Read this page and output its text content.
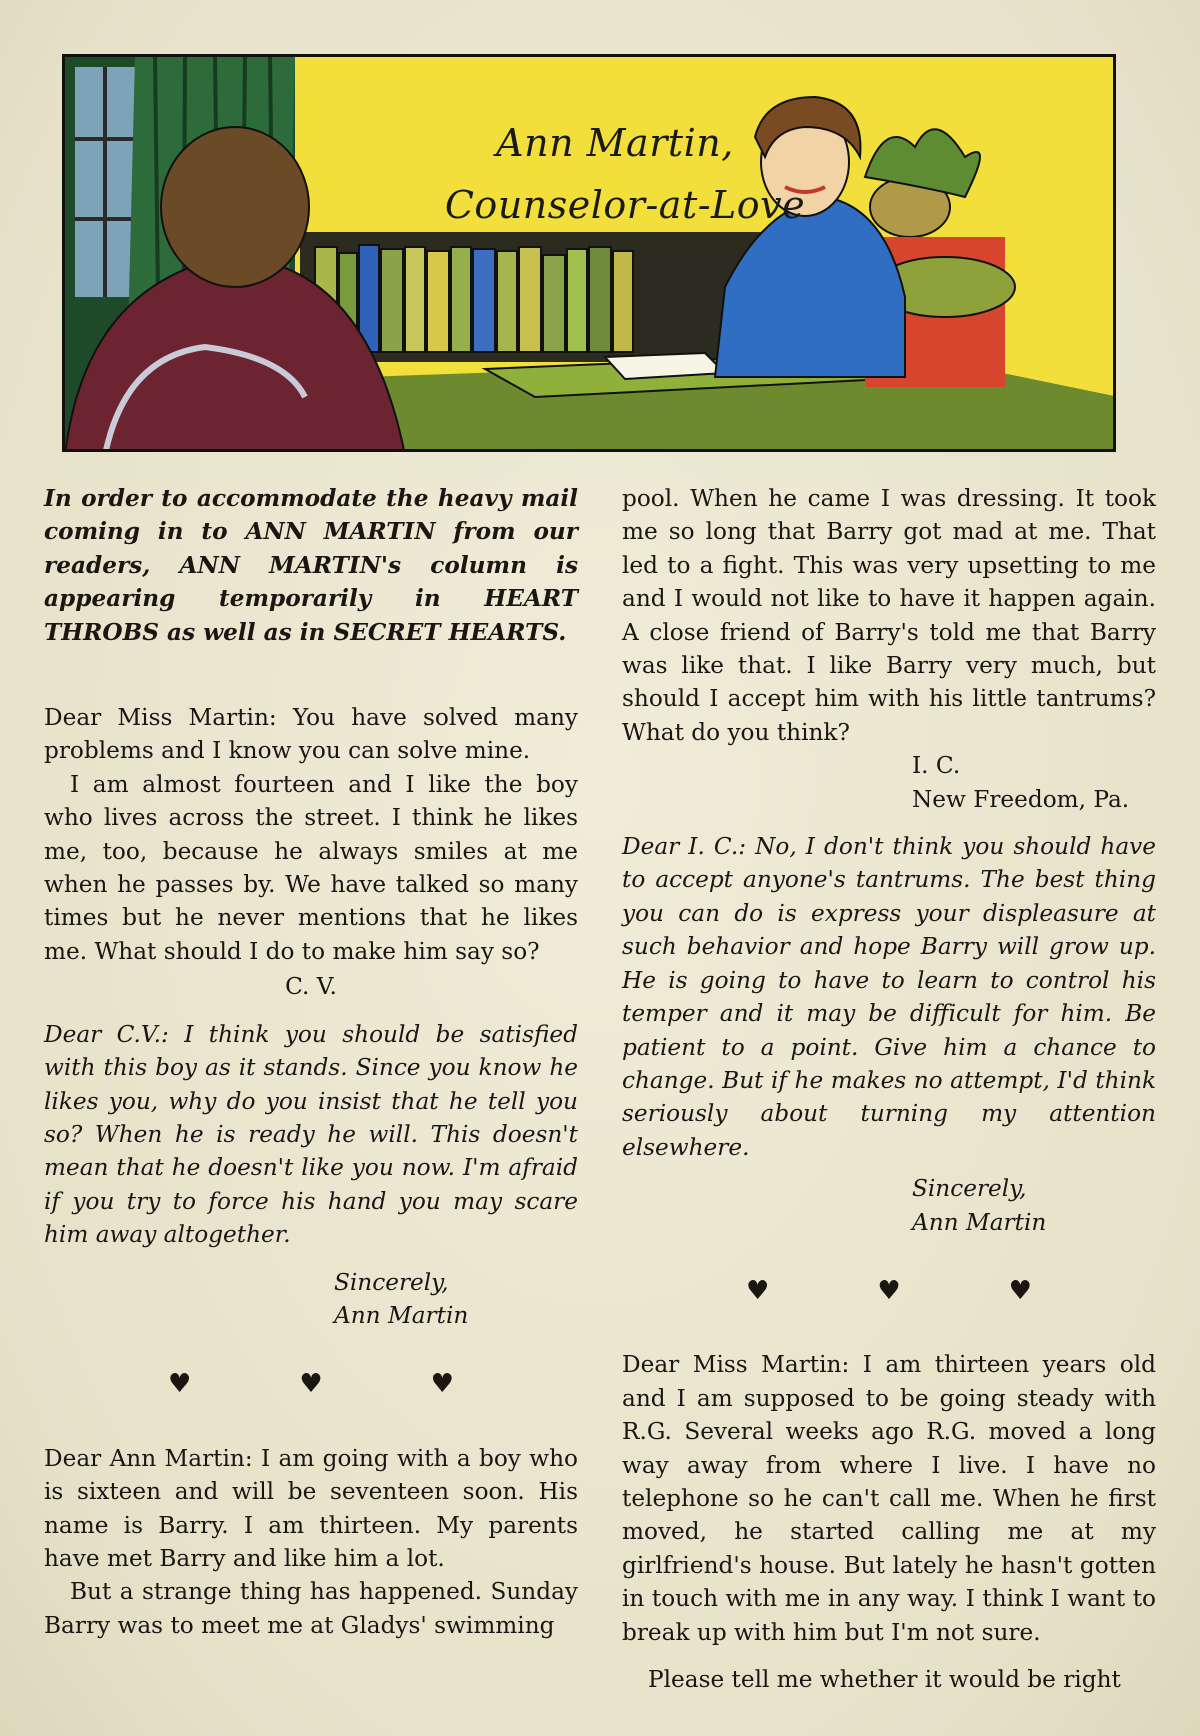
Ann Martin,
Counselor-at-Love

In order to accommodate the heavy mail coming in to ANN MARTIN from our readers, ANN MARTIN's column is appearing temporarily in HEART THROBS as well as in SECRET HEARTS.

Dear Miss Martin: You have solved many problems and I know you can solve mine.

I am almost fourteen and I like the boy who lives across the street. I think he likes me, too, because he always smiles at me when he passes by. We have talked so many times but he never mentions that he likes me. What should I do to make him say so?

C. V.

Dear C.V.: I think you should be satisfied with this boy as it stands. Since you know he likes you, why do you insist that he tell you so? When he is ready he will. This doesn't mean that he doesn't like you now. I'm afraid if you try to force his hand you may scare him away altogether.

Sincerely,

Ann Martin

♥	♥	♥

Dear Ann Martin: I am going with a boy who is sixteen and will be seventeen soon. His name is Barry. I am thirteen. My parents have met Barry and like him a lot.

But a strange thing has happened. Sunday Barry was to meet me at Gladys' swimming

pool. When he came I was dressing. It took me so long that Barry got mad at me. That led to a fight. This was very upsetting to me and I would not like to have it happen again. A close friend of Barry's told me that Barry was like that. I like Barry very much, but should I accept him with his little tantrums? What do you think?

I. C.

New Freedom, Pa.

Dear I. C.: No, I don't think you should have to accept anyone's tantrums. The best thing you can do is express your displeasure at such behavior and hope Barry will grow up. He is going to have to learn to control his temper and it may be difficult for him. Be patient to a point. Give him a chance to change. But if he makes no attempt, I'd think seriously about turning my attention elsewhere.

Sincerely,

Ann Martin

♥	♥	♥

Dear Miss Martin: I am thirteen years old and I am supposed to be going steady with R.G. Several weeks ago R.G. moved a long way away from where I live. I have no telephone so he can't call me. When he first moved, he started calling me at my girlfriend's house. But lately he hasn't gotten in touch with me in any way. I think I want to break up with him but I'm not sure.

Please tell me whether it would be right
